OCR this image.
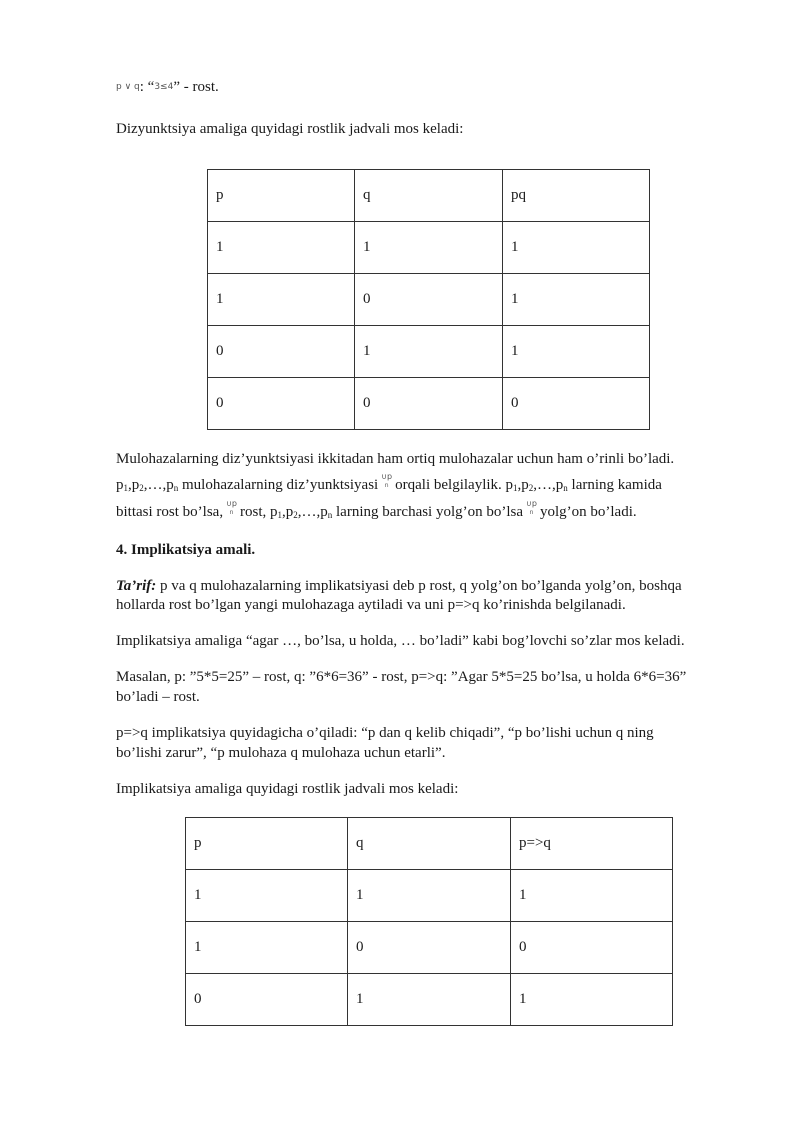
p ∨ q: “3≤4” - rost.

Dizyunktsiya amaliga quyidagi rostlik jadvali mos keladi:

p	q	pq
1	1	1
1	0	1
0	1	1
0	0	0

Mulohazalarning diz’yunktsiyasi ikkitadan ham ortiq mulohazalar uchun ham o’rinli bo’ladi.

$p_1,p_2,\dots,p_n$ mulohazalarning diz’yunktsiyasi
∪p
n orqali belgilaylik. $p_1,p_2,\dots,p_n$ larning kamida

bittasi rost bo’lsa,
∪p
n rost, $p_1,p_2,\dots,p_n$ larning barchasi yolg’on bo’lsa
∪p
n yolg’on bo’ladi.

4. Implikatsiya amali.

Ta’rif: p va q mulohazalarning implikatsiyasi deb p rost, q yolg’on bo’lganda yolg’on, boshqa

hollarda rost bo’lgan yangi mulohazaga aytiladi va uni p=>q ko’rinishda belgilanadi.

Implikatsiya amaliga “agar …, bo’lsa, u holda, … bo’ladi” kabi bog’lovchi so’zlar mos keladi.

Masalan, p: ”5*5=25” – rost, q: ”6*6=36” - rost, p=>q: ”Agar 5*5=25 bo’lsa, u holda 6*6=36”

bo’ladi – rost.

p=>q implikatsiya quyidagicha o’qiladi: “p dan q kelib chiqadi”, “p bo’lishi uchun q ning

bo’lishi zarur”, “p mulohaza q mulohaza uchun etarli”.

Implikatsiya amaliga quyidagi rostlik jadvali mos keladi:

p	q	p=>q
1	1	1
1	0	0
0	1	1
